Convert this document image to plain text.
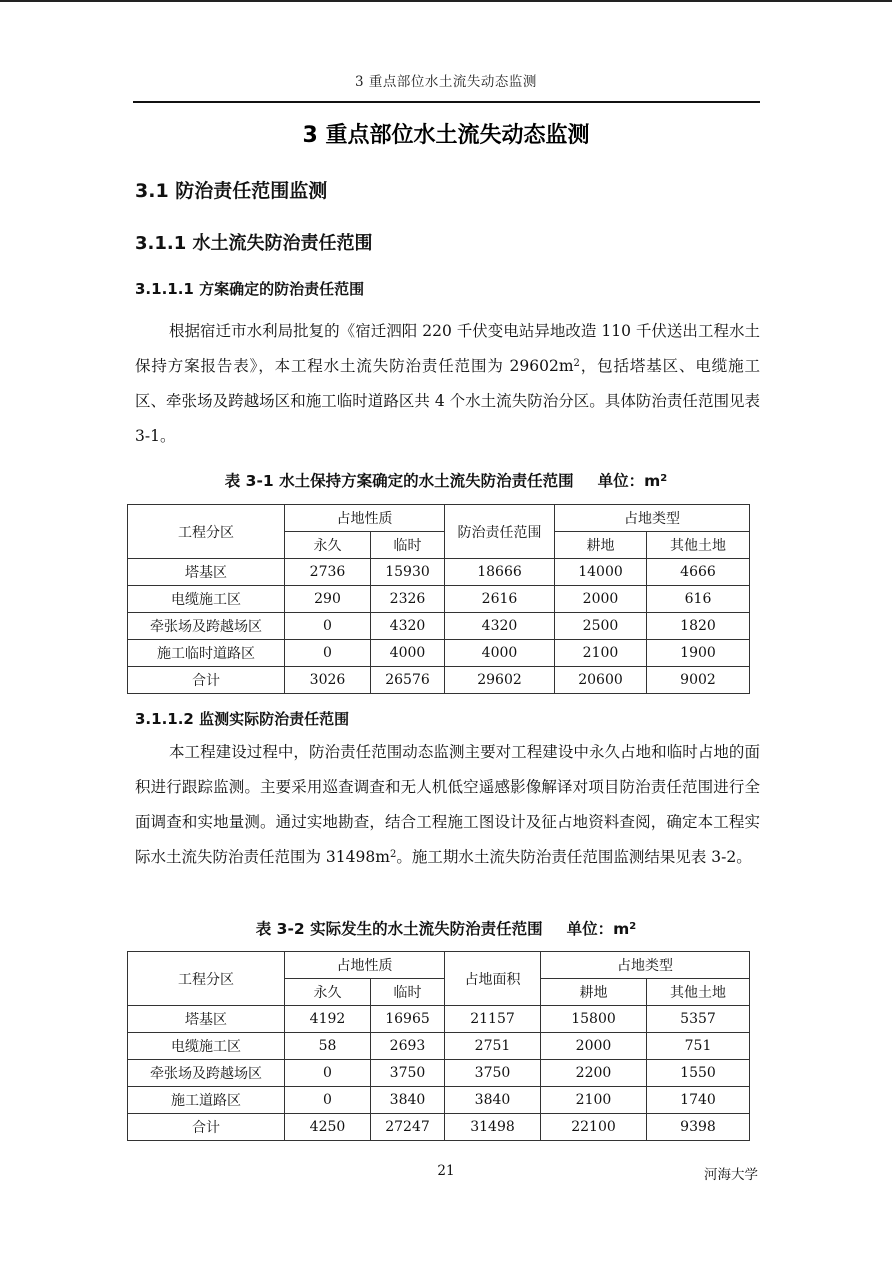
3 重点部位水土流失动态监测
3 重点部位水土流失动态监测
3.1 防治责任范围监测
3.1.1 水土流失防治责任范围
3.1.1.1 方案确定的防治责任范围

根据宿迁市水利局批复的《宿迁泗阳 220 千伏变电站异地改造 110 千伏送出工程水土保持方案报告表》，本工程水土流失防治责任范围为 $29602m^2$，包括塔基区、电缆施工区、牵张场及跨越场区和施工临时道路区共 4 个水土流失防治分区。具体防治责任范围见表 3-1。

表 3-1 水土保持方案确定的水土流失防治责任范围 单位：$m^2$
工程分区	占地性质		防治责任范围	占地类型	
	永久	临时		耕地	其他土地
塔基区	2736	15930	18666	14000	4666
电缆施工区	290	2326	2616	2000	616
牵张场及跨越场区	0	4320	4320	2500	1820
施工临时道路区	0	4000	4000	2100	1900
合计	3026	26576	29602	20600	9002
3.1.1.2 监测实际防治责任范围

本工程建设过程中，防治责任范围动态监测主要对工程建设中永久占地和临时占地的面积进行跟踪监测。主要采用巡查调查和无人机低空遥感影像解译对项目防治责任范围进行全面调查和实地量测。通过实地勘查，结合工程施工图设计及征占地资料查阅，确定本工程实际水土流失防治责任范围为 $31498m^2$。施工期水土流失防治责任范围监测结果见表 3-2。

表 3-2 实际发生的水土流失防治责任范围 单位：$m^2$
工程分区	占地性质		占地面积	占地类型	
	永久	临时		耕地	其他土地
塔基区	4192	16965	21157	15800	5357
电缆施工区	58	2693	2751	2000	751
牵张场及跨越场区	0	3750	3750	2200	1550
施工道路区	0	3840	3840	2100	1740
合计	4250	27247	31498	22100	9398
21	河海大学
